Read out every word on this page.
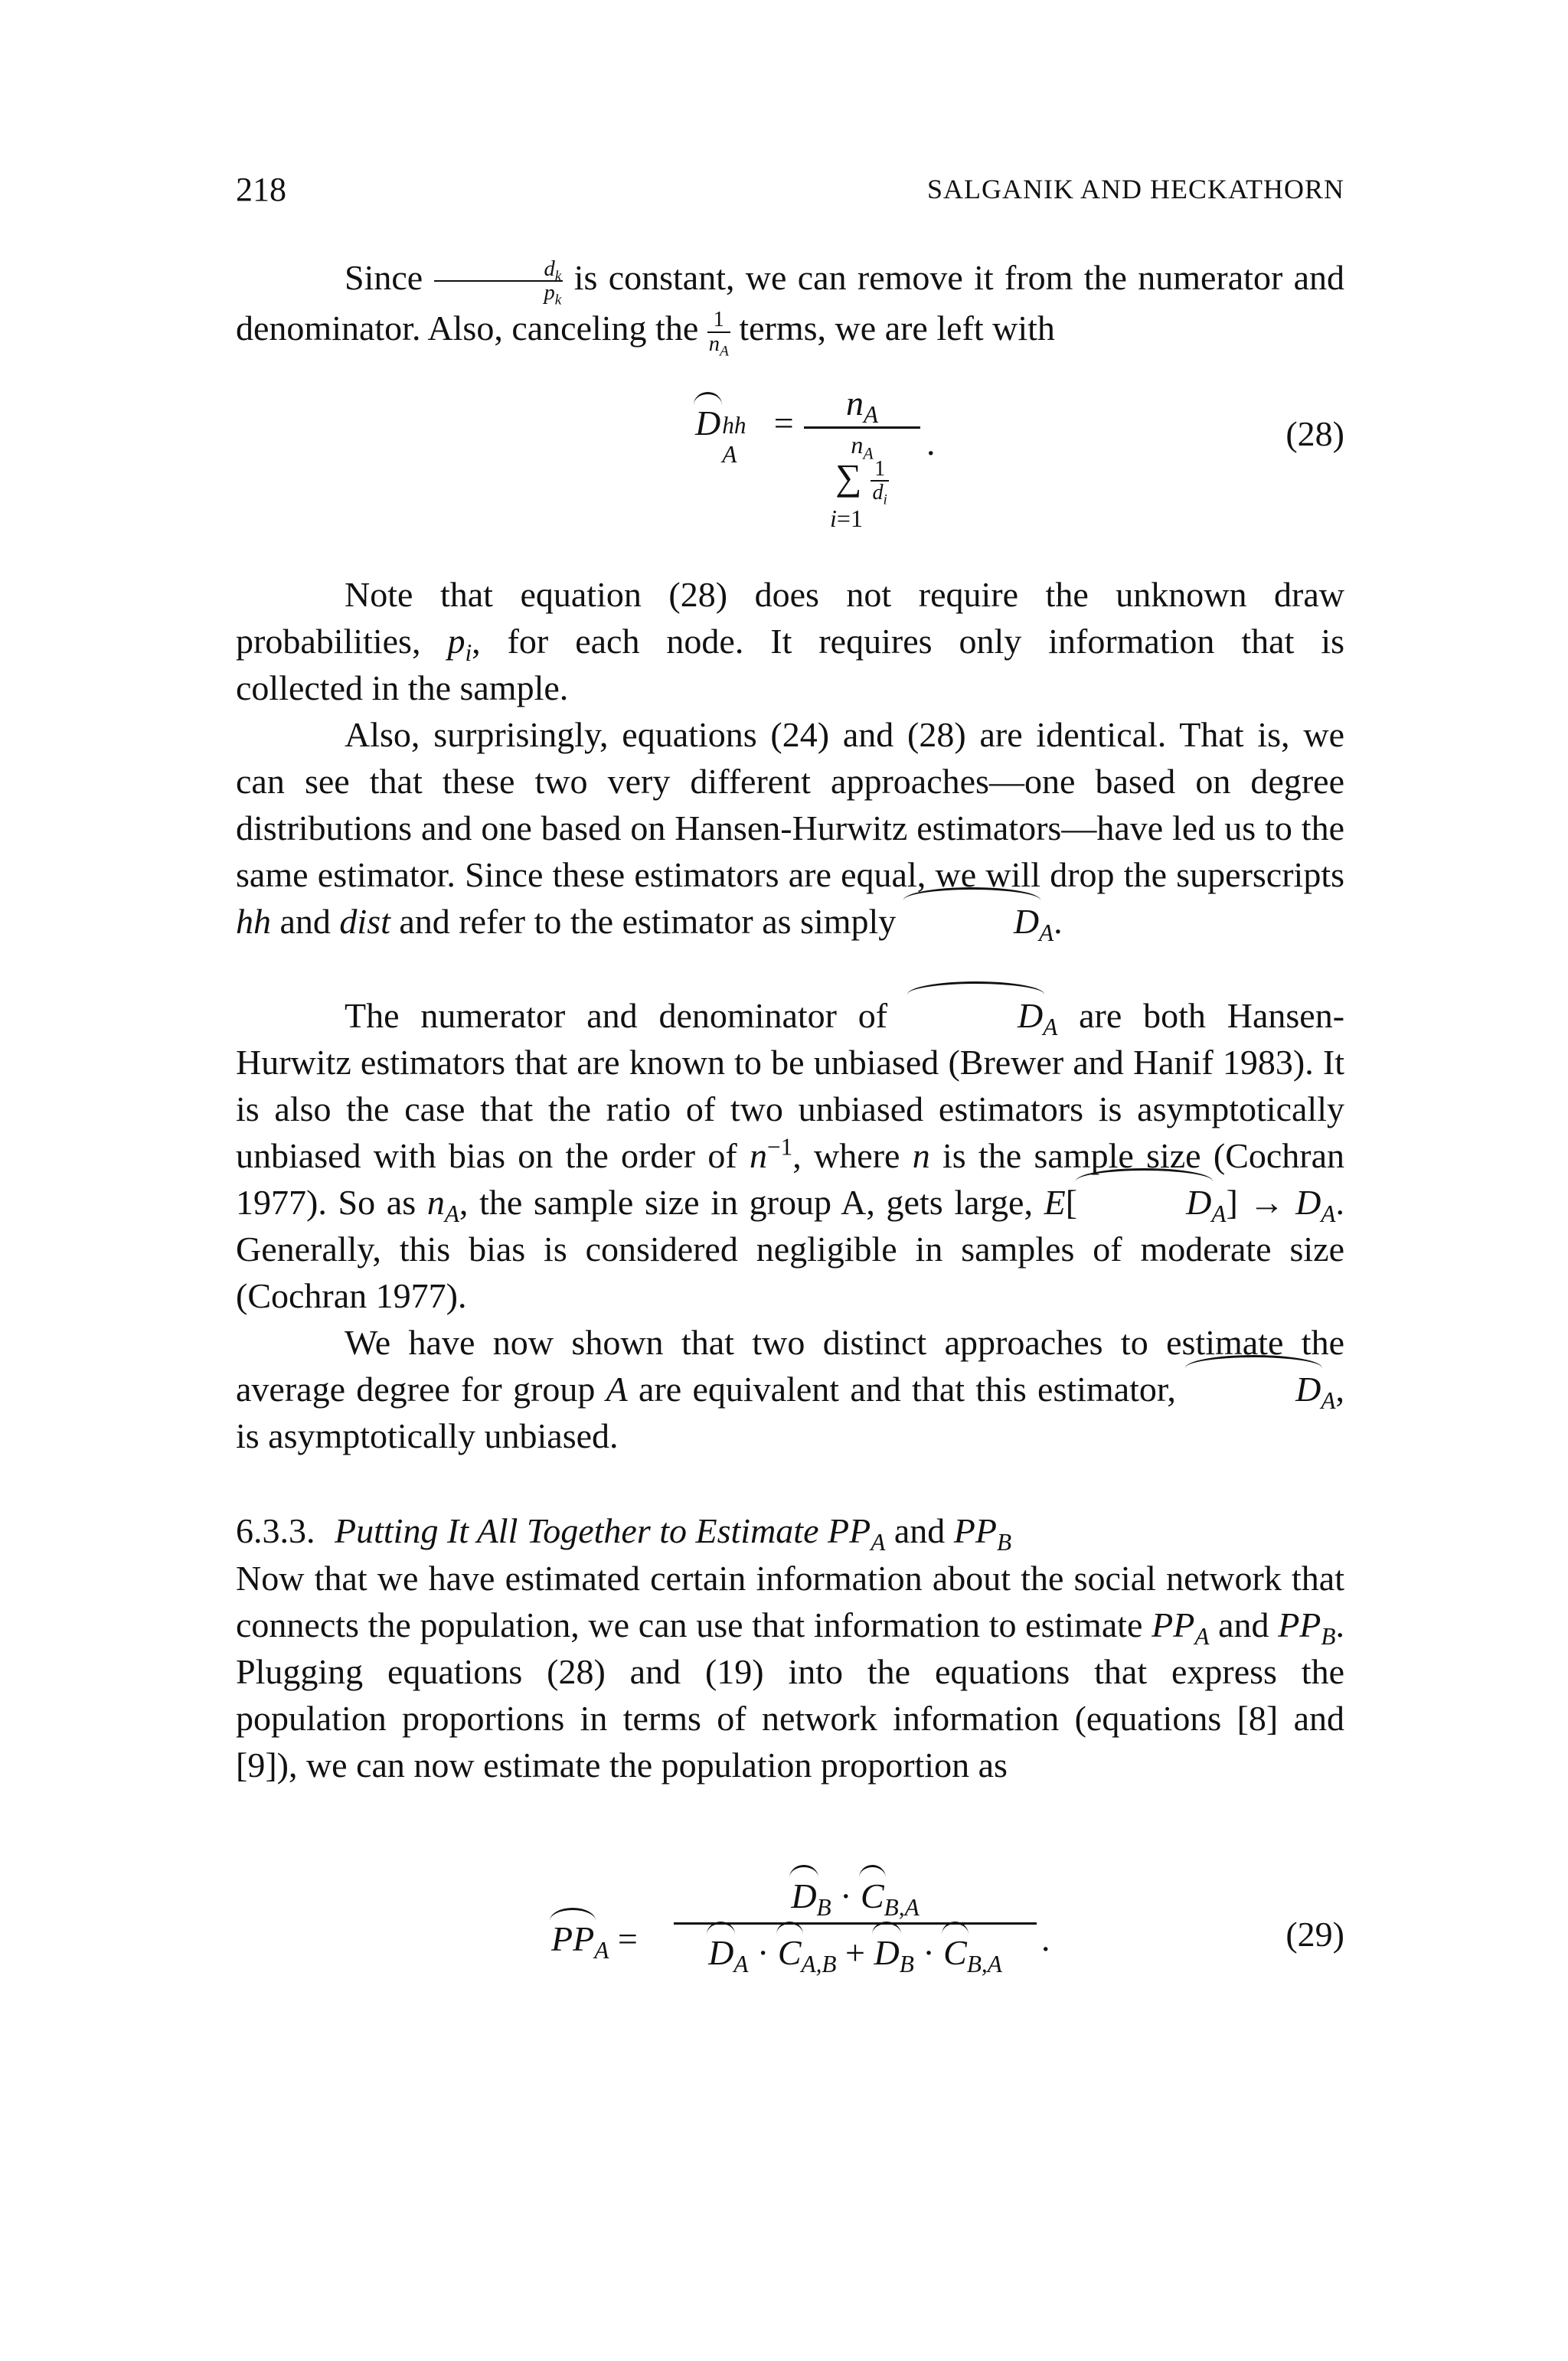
218	SALGANIK AND HECKATHORN
Since $\frac{d_k}{p_k}$ is constant, we can remove it from the numerator and
denominator. Also, canceling the $\frac{1}{n_A}$ terms, we are left with
D hh
A
=
$n_A$
$n_A$
∑ $\frac{1}{d_i}$
i=1
.	(28)
Note that equation (28) does not require the unknown draw
probabilities, $p_i$, for each node. It requires only information that is
collected in the sample.
Also, surprisingly, equations (24) and (28) are identical. That is, we can see that these two very different approaches—one based on degree distributions and one based on Hansen-Hurwitz estimators—have led us to the same estimator. Since these estimators are equal, we will drop the superscripts hh and dist and refer to the estimator as simply	$D_A$.
The numerator and denominator of	$D_A$ are both Hansen-Hurwitz estimators that are known to be unbiased (Brewer and Hanif 1983). It is also the case that the ratio of two unbiased estimators is asymptotically unbiased with bias on the order of $n^{-1}$, where n is the sample size (Cochran 1977). So as $n_A$, the sample size in group A, gets large, E[	$D_A] \to D_A$. Generally, this bias is considered negligible in samples of moderate size (Cochran 1977).
We have now shown that two distinct approaches to estimate the average degree for group A are equivalent and that this estimator,	$D_A$, is asymptotically unbiased.
6.3.3. Putting It All Together to Estimate $PP_A$ and $PP_B$
Now that we have estimated certain information about the social network that connects the population, we can use that information to estimate $PP_A$ and $PP_B$. Plugging equations (28) and (19) into the equations that express the population proportions in terms of network information (equations [8] and [9]), we can now estimate the population proportion as
$PP_A$ =
$D_B \cdot C_{B,A}$
$D_A \cdot C_{A,B} + D_B \cdot C_{B,A}$
.	(29)
